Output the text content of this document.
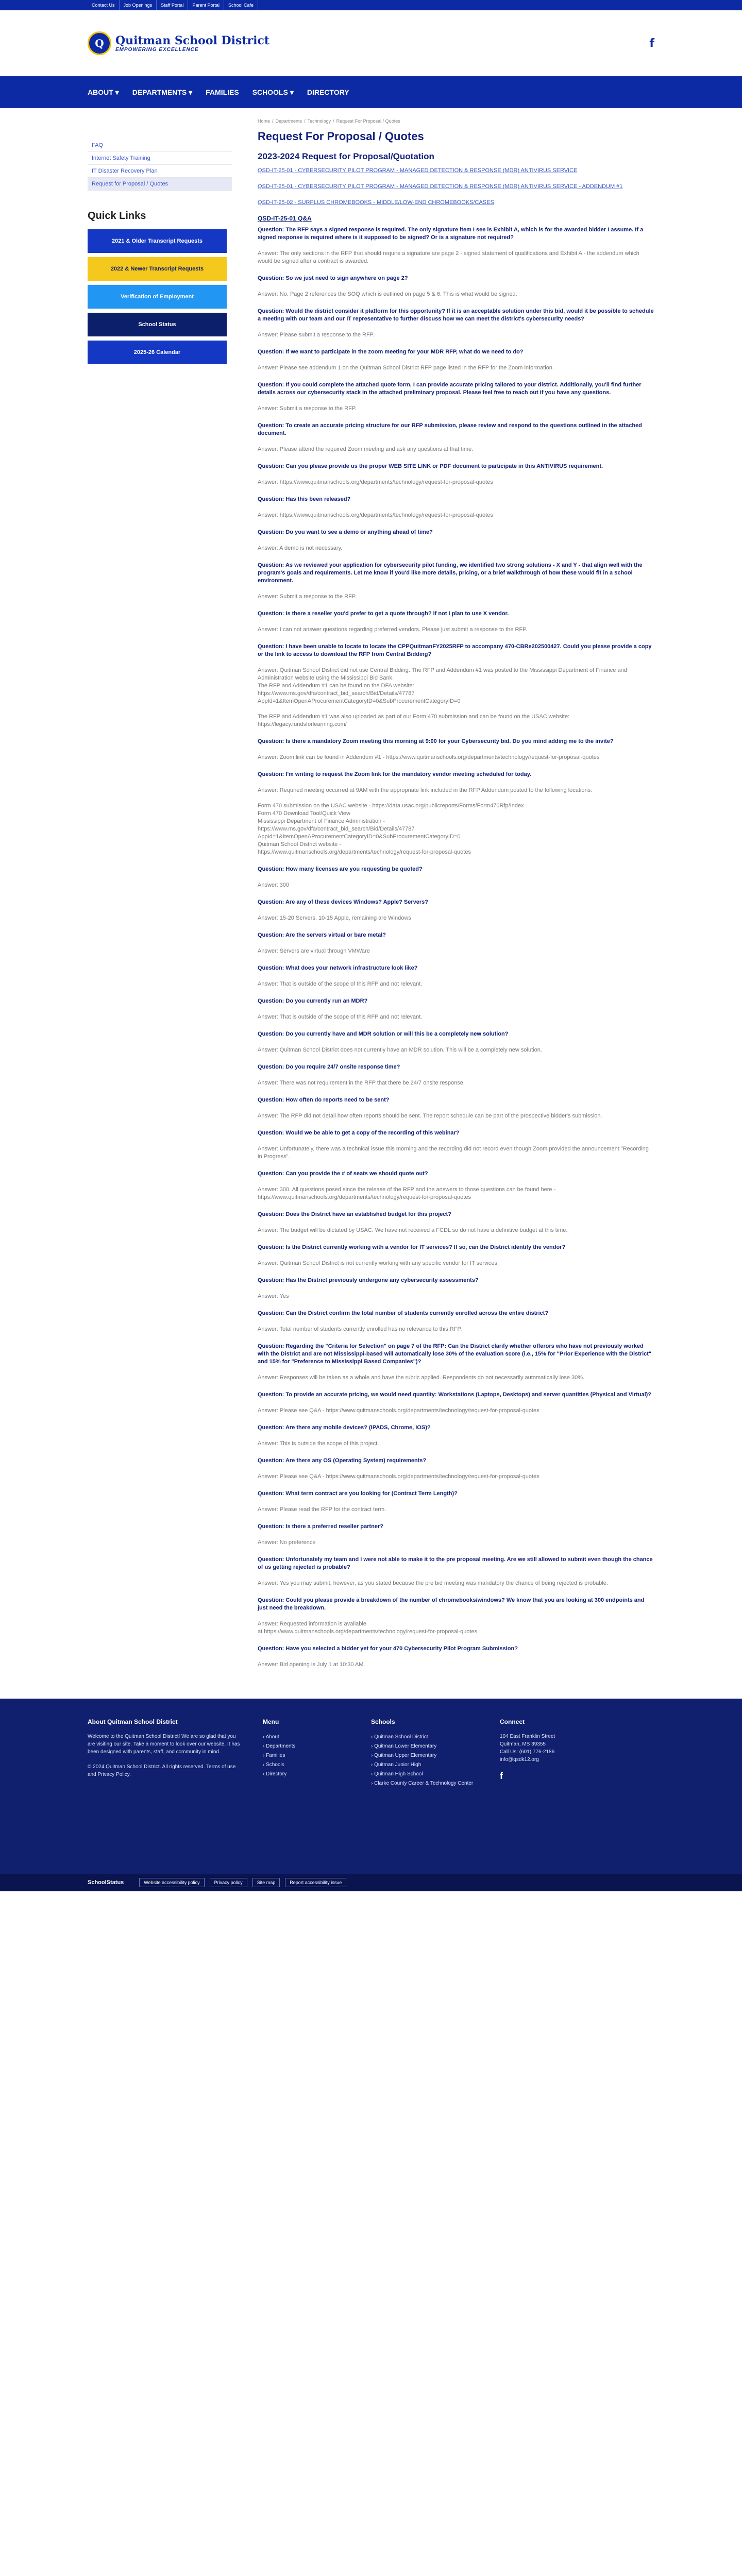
Contact Us	Job Openings	Staff Portal	Parent Portal	School Cafe
Q	Quitman School District
EMPOWERING EXCELLENCE	f
ABOUT ▾ DEPARTMENTS ▾ FAMILIES SCHOOLS ▾ DIRECTORY
FAQ
Internet Safety Training
IT Disaster Recovery Plan
Request for Proposal / Quotes
Quick Links
2021 & Older Transcript Requests
2022 & Newer Transcript Requests
Verification of Employment
School Status
2025-26 Calendar
Home / Departments / Technology / Request For Proposal / Quotes
Request For Proposal / Quotes
2023-2024 Request for Proposal/Quotation
QSD-IT-25-01 - CYBERSECURITY PILOT PROGRAM - MANAGED DETECTION & RESPONSE (MDR) ANTIVIRUS SERVICE
QSD-IT-25-01 - CYBERSECURITY PILOT PROGRAM - MANAGED DETECTION & RESPONSE (MDR) ANTIVIRUS SERVICE - ADDENDUM #1
QSD-IT-25-02 - SURPLUS CHROMEBOOKS - MIDDLE/LOW-END CHROMEBOOKS/CASES
QSD-IT-25-01 Q&A
Question: The RFP says a signed response is required. The only signature item I see is Exhibit A, which is for the awarded bidder I assume. If a signed response is required where is it supposed to be signed? Or is a signature not required?
Answer: The only sections in the RFP that should require a signature are page 2 - signed statement of qualifications and Exhibit A - the addendum which would be signed after a contract is awarded.
Question: So we just need to sign anywhere on page 2?
Answer: No. Page 2 references the SOQ which is outlined on page 5 & 6. This is what would be signed.
Question: Would the district consider it platform for this opportunity? If it is an acceptable solution under this bid, would it be possible to schedule a meeting with our team and our IT representative to further discuss how we can meet the district's cybersecurity needs?
Answer: Please submit a response to the RFP.
Question: If we want to participate in the zoom meeting for your MDR RFP, what do we need to do?
Answer: Please see addendum 1 on the Quitman School District RFP page listed in the RFP for the Zoom information.
Question: If you could complete the attached quote form, I can provide accurate pricing tailored to your district. Additionally, you'll find further details across our cybersecurity stack in the attached preliminary proposal. Please feel free to reach out if you have any questions.
Answer: Submit a response to the RFP.
Question: To create an accurate pricing structure for our RFP submission, please review and respond to the questions outlined in the attached document.
Answer: Please attend the required Zoom meeting and ask any questions at that time.
Question: Can you please provide us the proper WEB SITE LINK or PDF document to participate in this ANTIVIRUS requirement.
Answer: https://www.quitmanschools.org/departments/technology/request-for-proposal-quotes
Question: Has this been released?
Answer: https://www.quitmanschools.org/departments/technology/request-for-proposal-quotes
Question: Do you want to see a demo or anything ahead of time?
Answer: A demo is not necessary.
Question: As we reviewed your application for cybersecurity pilot funding, we identified two strong solutions - X and Y - that align well with the program's goals and requirements. Let me know if you'd like more details, pricing, or a brief walkthrough of how these would fit in a school environment.
Answer: Submit a response to the RFP.
Question: Is there a reseller you'd prefer to get a quote through? If not I plan to use X vendor.
Answer: I can not answer questions regarding preferred vendors. Please just submit a response to the RFP.
Question: I have been unable to locate to locate the CPPQuitmanFY2025RFP to accompany 470-CBRe202500427. Could you please provide a copy or the link to access to download the RFP from Central Bidding?
Answer: Quitman School District did not use Central Bidding. The RFP and Addendum #1 was posted to the Mississippi Department of Finance and Administration website using the Mississippi Bid Bank.
The RFP and Addendum #1 can be found on the DFA website:
https://www.ms.gov/dfa/contract_bid_search/Bid/Details/47787
AppId=1&ItemOpenAProcurementCategoryID=0&SubProcurementCategoryID=0

The RFP and Addendum #1 was also uploaded as part of our Form 470 submission and can be found on the USAC website:
https://legacy.fundsforlearning.com/
Question: Is there a mandatory Zoom meeting this morning at 9:00 for your Cybersecurity bid. Do you mind adding me to the invite?
Answer: Zoom link can be found in Addendum #1 - https://www.quitmanschools.org/departments/technology/request-for-proposal-quotes
Question: I'm writing to request the Zoom link for the mandatory vendor meeting scheduled for today.
Answer: Required meeting occurred at 9AM with the appropriate link included in the RFP Addendum posted to the following locations:

Form 470 submission on the USAC website - https://data.usac.org/publicreports/Forms/Form470Rfp/Index
Form 470 Download Tool/Quick View
Mississippi Department of Finance Administration -
https://www.ms.gov/dfa/contract_bid_search/Bid/Details/47787
AppId=1&ItemOpenAProcurementCategoryID=0&SubProcurementCategoryID=0
Quitman School District website -
https://www.quitmanschools.org/departments/technology/request-for-proposal-quotes
Question: How many licenses are you requesting be quoted?
Answer: 300
Question: Are any of these devices Windows? Apple? Servers?
Answer: 15-20 Servers, 10-15 Apple, remaining are Windows
Question: Are the servers virtual or bare metal?
Answer: Servers are virtual through VMWare
Question: What does your network infrastructure look like?
Answer: That is outside of the scope of this RFP and not relevant.
Question: Do you currently run an MDR?
Answer: That is outside of the scope of this RFP and not relevant.
Question: Do you currently have and MDR solution or will this be a completely new solution?
Answer: Quitman School District does not currently have an MDR solution. This will be a completely new solution.
Question: Do you require 24/7 onsite response time?
Answer: There was not requirement in the RFP that there be 24/7 onsite response.
Question: How often do reports need to be sent?
Answer: The RFP did not detail how often reports should be sent. The report schedule can be part of the prospective bidder's submission.
Question: Would we be able to get a copy of the recording of this webinar?
Answer: Unfortunately, there was a technical issue this morning and the recording did not record even though Zoom provided the announcement "Recording in Progress".
Question: Can you provide the # of seats we should quote out?
Answer: 300. All questions posed since the release of the RFP and the answers to those questions can be found here -
https://www.quitmanschools.org/departments/technology/request-for-proposal-quotes
Question: Does the District have an established budget for this project?
Answer: The budget will be dictated by USAC. We have not received a FCDL so do not have a definitive budget at this time.
Question: Is the District currently working with a vendor for IT services? If so, can the District identify the vendor?
Answer: Quitman School District is not currently working with any specific vendor for IT services.
Question: Has the District previously undergone any cybersecurity assessments?
Answer: Yes
Question: Can the District confirm the total number of students currently enrolled across the entire district?
Answer: Total number of students currently enrolled has no relevance to this RFP.
Question: Regarding the "Criteria for Selection" on page 7 of the RFP: Can the District clarify whether offerors who have not previously worked with the District and are not Mississippi-based will automatically lose 30% of the evaluation score (i.e., 15% for "Prior Experience with the District" and 15% for "Preference to Mississippi Based Companies")?
Answer: Responses will be taken as a whole and have the rubric applied. Respondents do not necessarily automatically lose 30%.
Question: To provide an accurate pricing, we would need quantity: Workstations (Laptops, Desktops) and server quantities (Physical and Virtual)?
Answer: Please see Q&A - https://www.quitmanschools.org/departments/technology/request-for-proposal-quotes
Question: Are there any mobile devices? (iPADS, Chrome, iOS)?
Answer: This is outside the scope of this project.
Question: Are there any OS (Operating System) requirements?
Answer: Please see Q&A - https://www.quitmanschools.org/departments/technology/request-for-proposal-quotes
Question: What term contract are you looking for (Contract Term Length)?
Answer: Please read the RFP for the contract term.
Question: Is there a preferred reseller partner?
Answer: No preference
Question: Unfortunately my team and I were not able to make it to the pre proposal meeting. Are we still allowed to submit even though the chance of us getting rejected is probable?
Answer: Yes you may submit, however, as you stated because the pre bid meeting was mandatory the chance of being rejected is probable.
Question: Could you please provide a breakdown of the number of chromebooks/windows? We know that you are looking at 300 endpoints and just need the breakdown.
Answer: Requested information is available
at https://www.quitmanschools.org/departments/technology/request-for-proposal-quotes
Question: Have you selected a bidder yet for your 470 Cybersecurity Pilot Program Submission?
Answer: Bid opening is July 1 at 10:30 AM.
About Quitman School District

Welcome to the Quitman School District! We are so glad that you are visiting our site. Take a moment to look over our website. It has been designed with parents, staff, and community in mind.

© 2024 Quitman School District. All rights reserved. Terms of use and Privacy Policy.

Menu
› About
› Departments
› Families
› Schools
› Directory
Schools
› Quitman School District
› Quitman Lower Elementary
› Quitman Upper Elementary
› Quitman Junior High
› Quitman High School
› Clarke County Career & Technology Center
Connect

104 East Franklin Street

Quitman, MS 39355

Call Us: (601) 776-2186

info@qsdk12.org

f
SchoolStatus	Website accessibility policy	Privacy policy	Site map	Report accessibility issue
